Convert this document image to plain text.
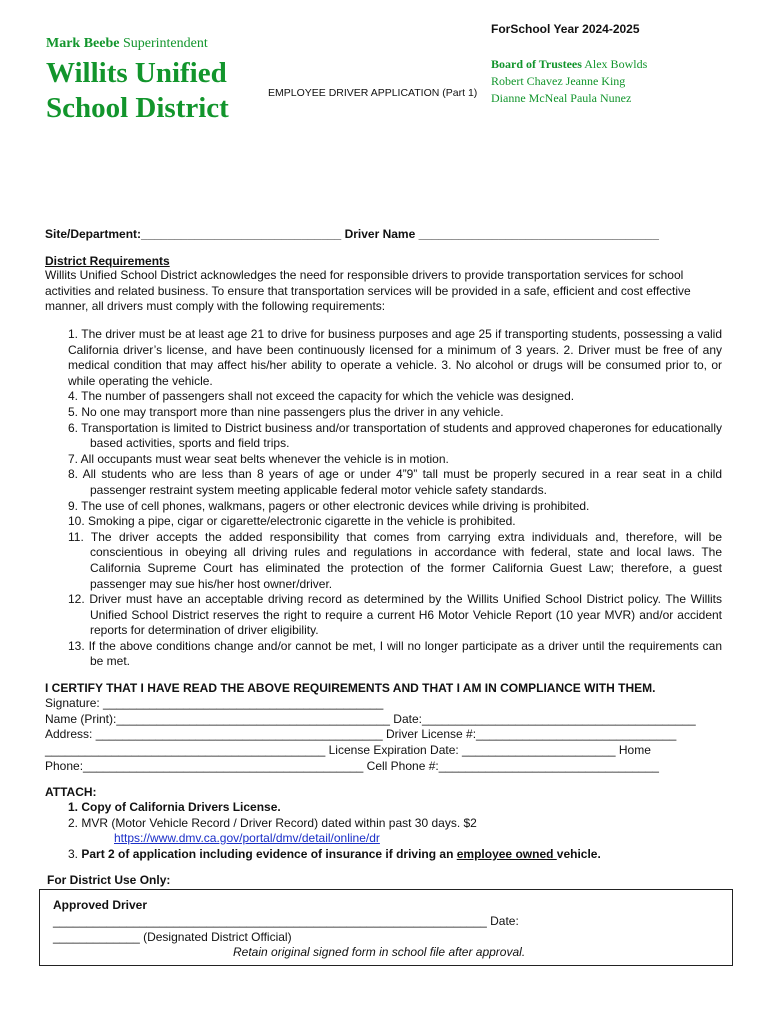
ForSchool Year 2024-2025
Mark Beebe Superintendent
Willits Unified
School District	EMPLOYEE DRIVER APPLICATION (Part 1)
Board of Trustees Alex Bowlds
Robert Chavez Jeanne King
Dianne McNeal Paula Nunez
Site/Department:______________________________ Driver Name ____________________________________
District Requirements
Willits Unified School District acknowledges the need for responsible drivers to provide transportation services for school activities and related business. To ensure that transportation services will be provided in a safe, efficient and cost effective manner, all drivers must comply with the following requirements:
1. The driver must be at least age 21 to drive for business purposes and age 25 if transporting students, possessing a valid California driver’s license, and have been continuously licensed for a minimum of 3 years. 2. Driver must be free of any medical condition that may affect his/her ability to operate a vehicle. 3. No alcohol or drugs will be consumed prior to, or while operating the vehicle.
4. The number of passengers shall not exceed the capacity for which the vehicle was designed.
5. No one may transport more than nine passengers plus the driver in any vehicle.
6. Transportation is limited to District business and/or transportation of students and approved chaperones for educationally based activities, sports and field trips.
7. All occupants must wear seat belts whenever the vehicle is in motion.
8. All students who are less than 8 years of age or under 4”9” tall must be properly secured in a rear seat in a child passenger restraint system meeting applicable federal motor vehicle safety standards.
9. The use of cell phones, walkmans, pagers or other electronic devices while driving is prohibited.
10. Smoking a pipe, cigar or cigarette/electronic cigarette in the vehicle is prohibited.
11. The driver accepts the added responsibility that comes from carrying extra individuals and, therefore, will be conscientious in obeying all driving rules and regulations in accordance with federal, state and local laws. The California Supreme Court has eliminated the protection of the former California Guest Law; therefore, a guest passenger may sue his/her host owner/driver.
12. Driver must have an acceptable driving record as determined by the Willits Unified School District policy. The Willits Unified School District reserves the right to require a current H6 Motor Vehicle Report (10 year MVR) and/or accident reports for determination of driver eligibility.
13. If the above conditions change and/or cannot be met, I will no longer participate as a driver until the requirements can be met.
I CERTIFY THAT I HAVE READ THE ABOVE REQUIREMENTS AND THAT I AM IN COMPLIANCE WITH THEM.
Signature: __________________________________________
Name (Print):_________________________________________ Date:_________________________________________
Address: ___________________________________________ Driver License #:______________________________
__________________________________________ License Expiration Date: _______________________ Home
Phone:__________________________________________ Cell Phone #:_________________________________
ATTACH:
1. Copy of California Drivers License.
2. MVR (Motor Vehicle Record / Driver Record) dated within past 30 days. $2
https://www.dmv.ca.gov/portal/dmv/detail/online/dr
3. Part 2 of application including evidence of insurance if driving an employee owned vehicle.
For District Use Only:
Approved Driver
_________________________________________________________________ Date:
_____________ (Designated District Official)
Retain original signed form in school file after approval.
